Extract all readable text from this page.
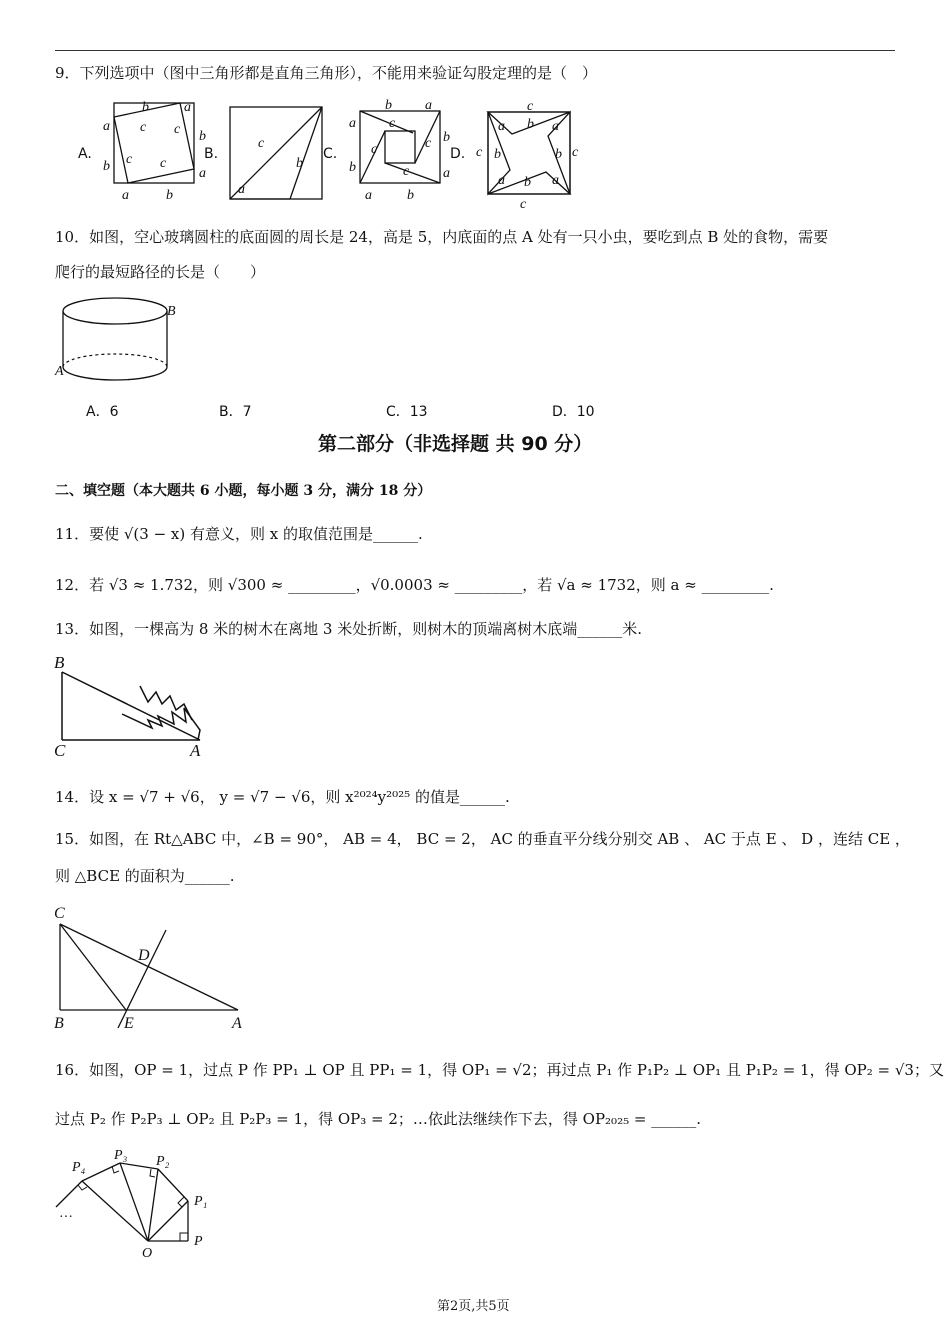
9．下列选项中（图中三角形都是直角三角形），不能用来验证勾股定理的是（　）
A.
b	a
a
b
b
a
a	b
c c
c c
B.
c
b
a
C.
b a
a
b
b
a
a	b
c
c
c
c
D.
c
a b a
c b	b c
a b a
c
10．如图，空心玻璃圆柱的底面圆的周长是 24，高是 5，内底面的点 A 处有一只小虫，要吃到点 B 处的食物，需要
爬行的最短路径的长是（　　）
B
A
A．6	B．7	C．13	D．10
第二部分（非选择题 共 90 分）
二、填空题（本大题共 6 小题，每小题 3 分，满分 18 分）
11．要使 √(3 − x) 有意义，则 x 的取值范围是______.
12．若 √3 ≈ 1.732，则 √300 ≈ _________，√0.0003 ≈ _________，若 √a ≈ 1732，则 a ≈ _________.
13．如图，一棵高为 8 米的树木在离地 3 米处折断，则树木的顶端离树木底端______米.
B
C	A
14．设 x = √7 + √6， y = √7 − √6，则 x²⁰²⁴y²⁰²⁵ 的值是______.
15．如图，在 Rt△ABC 中，∠B = 90°， AB = 4， BC = 2， AC 的垂直平分线分别交 AB 、 AC 于点 E 、 D ，连结 CE ，
则 △BCE 的面积为______.
C
D
B	E	A
16．如图，OP = 1，过点 P 作 PP₁ ⊥ OP 且 PP₁ = 1，得 OP₁ = √2；再过点 P₁ 作 P₁P₂ ⊥ OP₁ 且 P₁P₂ = 1，得 OP₂ = √3；又
过点 P₂ 作 P₂P₃ ⊥ OP₂ 且 P₂P₃ = 1，得 OP₃ = 2；…依此法继续作下去，得 OP₂₀₂₅ = ______.
P₄
P₃ P₂
P₁
P
O
…
第2页,共5页
